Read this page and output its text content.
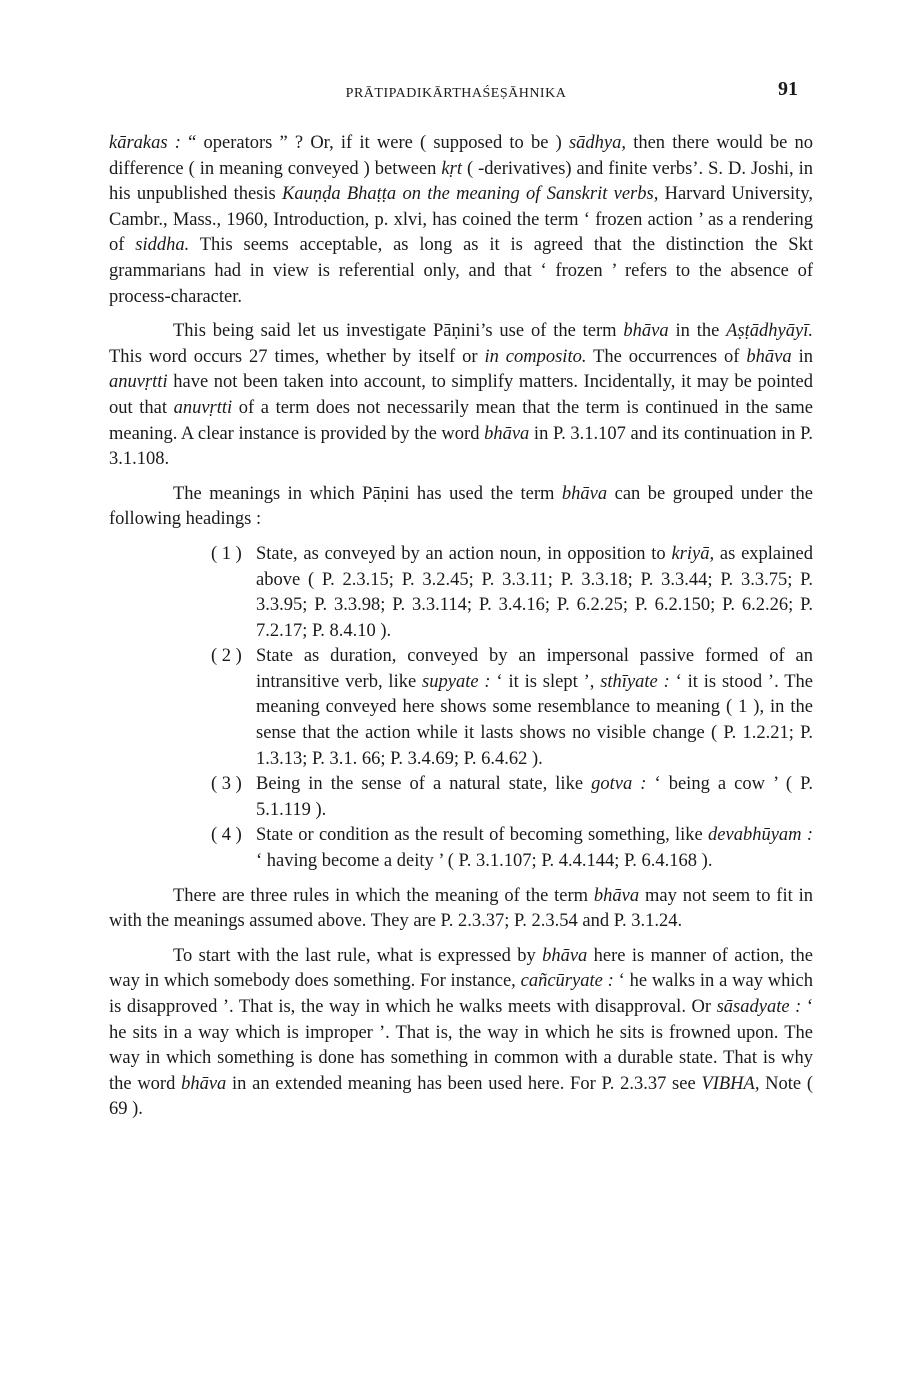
PRĀTIPADIKĀRTHAŚEṢĀHNIKA	91

kārakas : “ operators ” ? Or, if it were ( supposed to be ) sādhya, then there would be no difference ( in meaning conveyed ) between kṛt ( -derivatives) and finite verbs’. S. D. Joshi, in his unpublished thesis Kauṇḍa Bhaṭṭa on the meaning of Sanskrit verbs, Harvard University, Cambr., Mass., 1960, Introduction, p. xlvi, has coined the term ‘ frozen action ’ as a rendering of siddha. This seems acceptable, as long as it is agreed that the distinction the Skt grammarians had in view is referential only, and that ‘ frozen ’ refers to the absence of process-character.

This being said let us investigate Pāṇini’s use of the term bhāva in the Aṣṭādhyāyī. This word occurs 27 times, whether by itself or in composito. The occurrences of bhāva in anuvṛtti have not been taken into account, to simplify matters. Incidentally, it may be pointed out that anuvṛtti of a term does not necessarily mean that the term is continued in the same meaning. A clear instance is provided by the word bhāva in P. 3.1.107 and its continuation in P. 3.1.108.

The meanings in which Pāṇini has used the term bhāva can be grouped under the following headings :

( 1 ) State, as conveyed by an action noun, in opposition to kriyā, as explained above ( P. 2.3.15; P. 3.2.45; P. 3.3.11; P. 3.3.18; P. 3.3.44; P. 3.3.75; P. 3.3.95; P. 3.3.98; P. 3.3.114; P. 3.4.16; P. 6.2.25; P. 6.2.150; P. 6.2.26; P. 7.2.17; P. 8.4.10 ).
( 2 ) State as duration, conveyed by an impersonal passive formed of an intransitive verb, like supyate : ‘ it is slept ’, sthīyate : ‘ it is stood ’. The meaning conveyed here shows some resemblance to meaning ( 1 ), in the sense that the action while it lasts shows no visible change ( P. 1.2.21; P. 1.3.13; P. 3.1. 66; P. 3.4.69; P. 6.4.62 ).
( 3 ) Being in the sense of a natural state, like gotva : ‘ being a cow ’ ( P. 5.1.119 ).
( 4 ) State or condition as the result of becoming something, like devabhūyam : ‘ having become a deity ’ ( P. 3.1.107; P. 4.4.144; P. 6.4.168 ).

There are three rules in which the meaning of the term bhāva may not seem to fit in with the meanings assumed above. They are P. 2.3.37; P. 2.3.54 and P. 3.1.24.

To start with the last rule, what is expressed by bhāva here is manner of action, the way in which somebody does something. For instance, cañcūryate : ‘ he walks in a way which is disapproved ’. That is, the way in which he walks meets with disapproval. Or sāsadyate : ‘ he sits in a way which is improper ’. That is, the way in which he sits is frowned upon. The way in which something is done has something in common with a durable state. That is why the word bhāva in an extended meaning has been used here. For P. 2.3.37 see VIBHA, Note ( 69 ).
